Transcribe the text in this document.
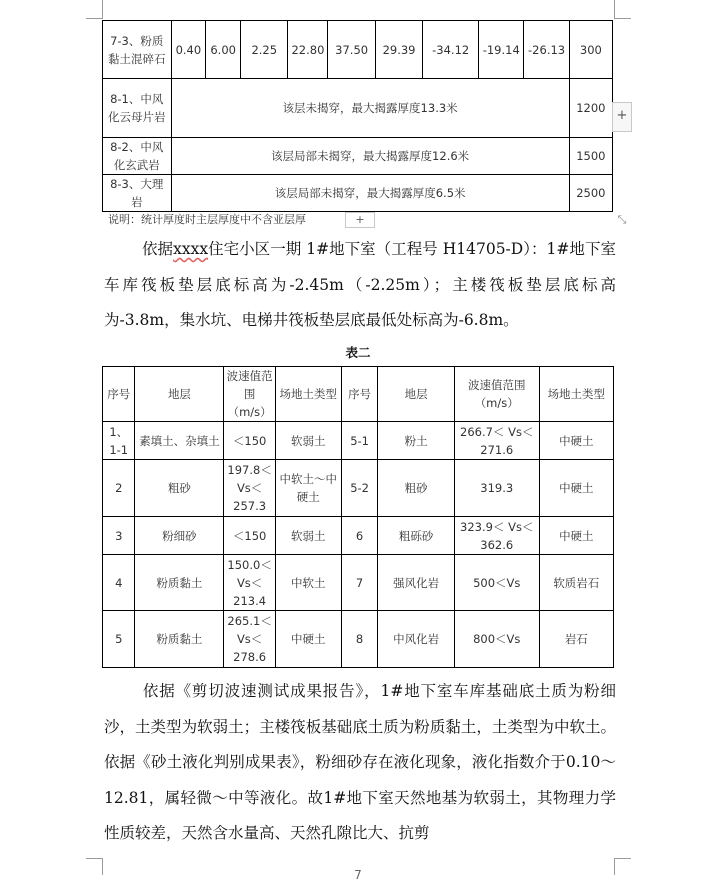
7-3、粉质黏土混碎石	0.40	6.00	2.25	22.80	37.50	29.39	-34.12	-19.14	-26.13	300
8-1、中风化云母片岩	该层未揭穿，最大揭露厚度13.3米									1200
8-2、中风化玄武岩	该层局部未揭穿，最大揭露厚度12.6米									1500
8-3、大理岩	该层局部未揭穿，最大揭露厚度6.5米									2500
+
说明：统计厚度时主层厚度中不含亚层厚	+	⤡
依据xxxx住宅小区一期 1#地下室（工程号 H14705-D）：1#地下室车库筏板垫层底标高为-2.45m（-2.25m）；主楼筏板垫层底标高为-3.8m，集水坑、电梯井筏板垫层底最低处标高为-6.8m。
表二
序号	地层	波速值范围（m/s）	场地土类型	序号	地层	波速值范围（m/s）	场地土类型
1、1-1	素填土、杂填土	＜150	软弱土	5-1	粉土	266.7＜ Vs＜271.6	中硬土
2	粗砂	197.8＜Vs＜257.3	中软土～中硬土	5-2	粗砂	319.3	中硬土
3	粉细砂	＜150	软弱土	6	粗砾砂	323.9＜ Vs＜362.6	中硬土
4	粉质黏土	150.0＜Vs＜213.4	中软土	7	强风化岩	500＜Vs	软质岩石
5	粉质黏土	265.1＜Vs＜278.6	中硬土	8	中风化岩	800＜Vs	岩石
依据《剪切波速测试成果报告》，1#地下室车库基础底土质为粉细沙，土类型为软弱土；主楼筏板基础底土质为粉质黏土，土类型为中软土。依据《砂土液化判别成果表》，粉细砂存在液化现象，液化指数介于0.10～12.81，属轻微～中等液化。故1#地下室天然地基为软弱土，其物理力学性质较差，天然含水量高、天然孔隙比大、抗剪
7
